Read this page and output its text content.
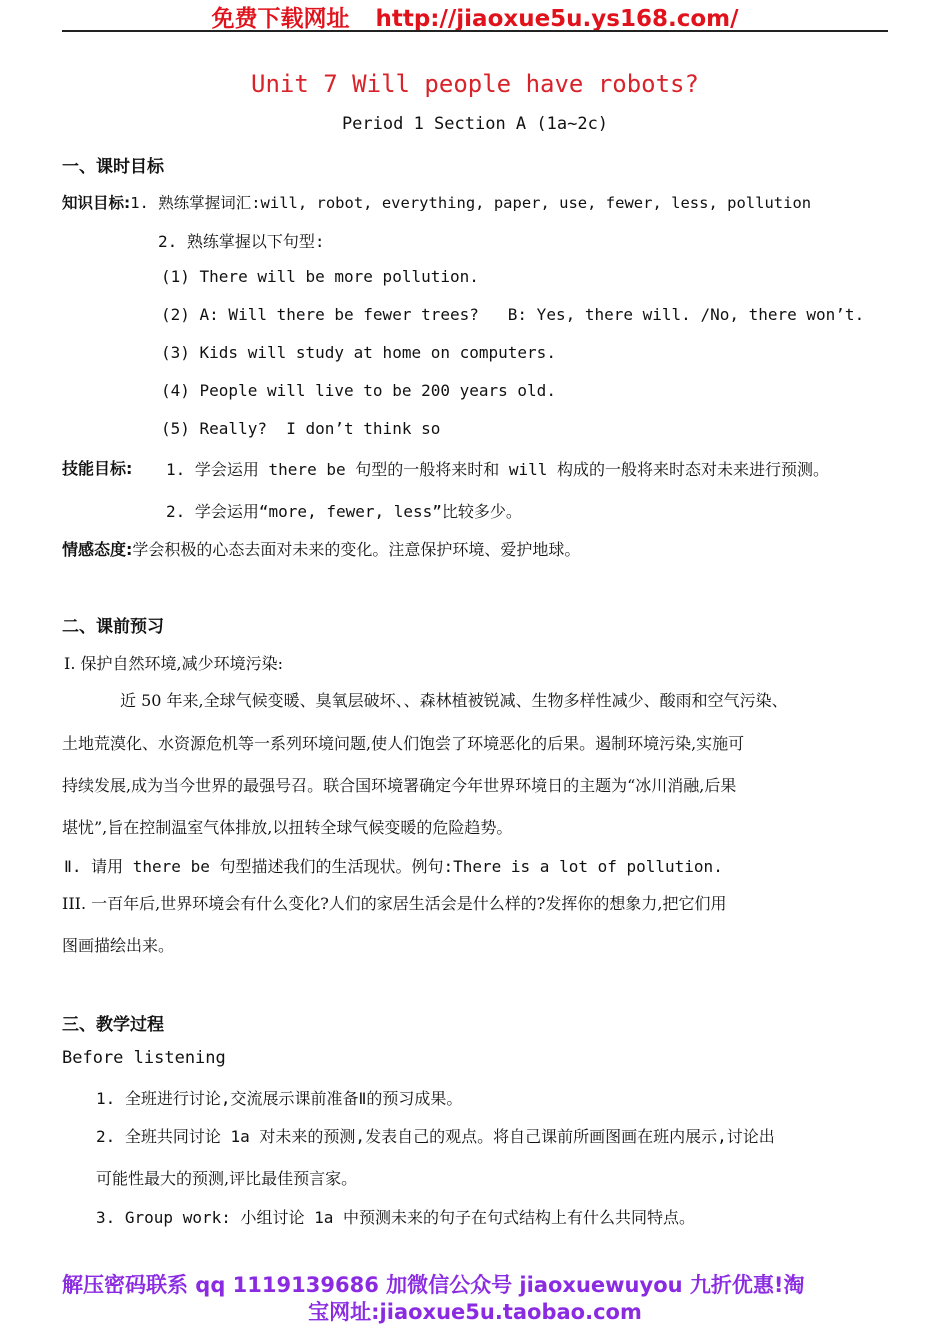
免费下载网址 http://jiaoxue5u.ys168.com/
Unit 7 Will people have robots?
Period 1 Section A (1a~2c)
一、课时目标
知识目标:1. 熟练掌握词汇:will, robot, everything, paper, use, fewer, less, pollution
2. 熟练掌握以下句型:
(1) There will be more pollution.
(2) A: Will there be fewer trees?   B: Yes, there will. /No, there won’t.
(3) Kids will study at home on computers.
(4) People will live to be 200 years old.
(5) Really?  I don’t think so
技能目标: 1. 学会运用 there be 句型的一般将来时和 will 构成的一般将来时态对未来进行预测。
2. 学会运用“more, fewer, less”比较多少。
情感态度:学会积极的心态去面对未来的变化。注意保护环境、爱护地球。
二、课前预习
Ⅰ. 保护自然环境,减少环境污染:
近 50 年来,全球气候变暖、臭氧层破坏、、森林植被锐减、生物多样性减少、酸雨和空气污染、
土地荒漠化、水资源危机等一系列环境问题,使人们饱尝了环境恶化的后果。遏制环境污染,实施可
持续发展,成为当今世界的最强号召。联合国环境署确定今年世界环境日的主题为“冰川消融,后果
堪忧”,旨在控制温室气体排放,以扭转全球气候变暖的危险趋势。
Ⅱ. 请用 there be 句型描述我们的生活现状。例句:There is a lot of pollution.
III. 一百年后,世界环境会有什么变化?人们的家居生活会是什么样的?发挥你的想象力,把它们用
图画描绘出来。
三、教学过程
Before listening
1. 全班进行讨论,交流展示课前准备Ⅱ的预习成果。
2. 全班共同讨论 1a 对未来的预测,发表自己的观点。将自己课前所画图画在班内展示,讨论出
可能性最大的预测,评比最佳预言家。
3. Group work: 小组讨论 1a 中预测未来的句子在句式结构上有什么共同特点。
解压密码联系 qq 1119139686 加微信公众号 jiaoxuewuyou 九折优惠!淘
宝网址:jiaoxue5u.taobao.com
